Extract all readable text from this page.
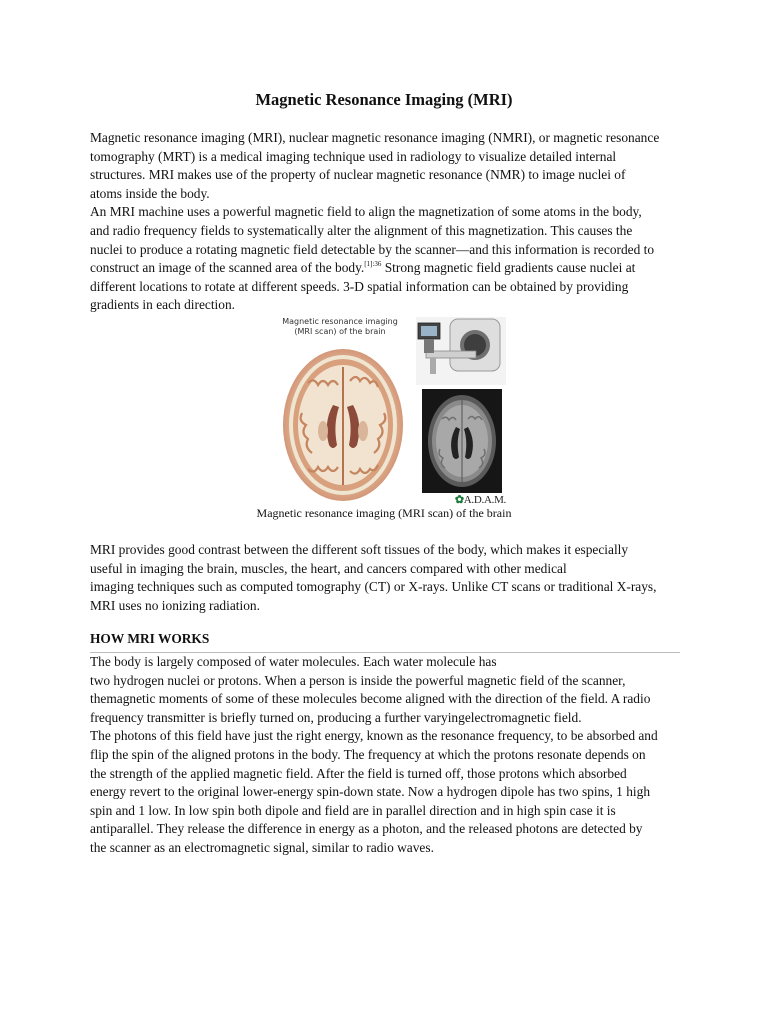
Magnetic Resonance Imaging (MRI)
Magnetic resonance imaging (MRI), nuclear magnetic resonance imaging (NMRI), or magnetic resonance
tomography (MRT) is a medical imaging technique used in radiology to visualize detailed internal
structures. MRI makes use of the property of nuclear magnetic resonance (NMR) to image nuclei of
atoms inside the body.
An MRI machine uses a powerful magnetic field to align the magnetization of some atoms in the body,
and radio frequency fields to systematically alter the alignment of this magnetization. This causes the
nuclei to produce a rotating magnetic field detectable by the scanner—and this information is recorded to
construct an image of the scanned area of the body.$^{[1]:36}$ Strong magnetic field gradients cause nuclei at
different locations to rotate at different speeds. 3-D spatial information can be obtained by providing
gradients in each direction.
Magnetic resonance imaging
(MRI scan) of the brain
✿A.D.A.M.
Magnetic resonance imaging (MRI scan) of the brain
MRI provides good contrast between the different soft tissues of the body, which makes it especially
useful in imaging the brain, muscles, the heart, and cancers compared with other medical
imaging techniques such as computed tomography (CT) or X-rays. Unlike CT scans or traditional X-rays,
MRI uses no ionizing radiation.
HOW MRI WORKS
The body is largely composed of water molecules. Each water molecule has
two hydrogen nuclei or protons. When a person is inside the powerful magnetic field of the scanner,
themagnetic moments of some of these molecules become aligned with the direction of the field. A radio
frequency transmitter is briefly turned on, producing a further varyingelectromagnetic field.
The photons of this field have just the right energy, known as the resonance frequency, to be absorbed and
flip the spin of the aligned protons in the body. The frequency at which the protons resonate depends on
the strength of the applied magnetic field. After the field is turned off, those protons which absorbed
energy revert to the original lower-energy spin-down state. Now a hydrogen dipole has two spins, 1 high
spin and 1 low. In low spin both dipole and field are in parallel direction and in high spin case it is
antiparallel. They release the difference in energy as a photon, and the released photons are detected by
the scanner as an electromagnetic signal, similar to radio waves.
